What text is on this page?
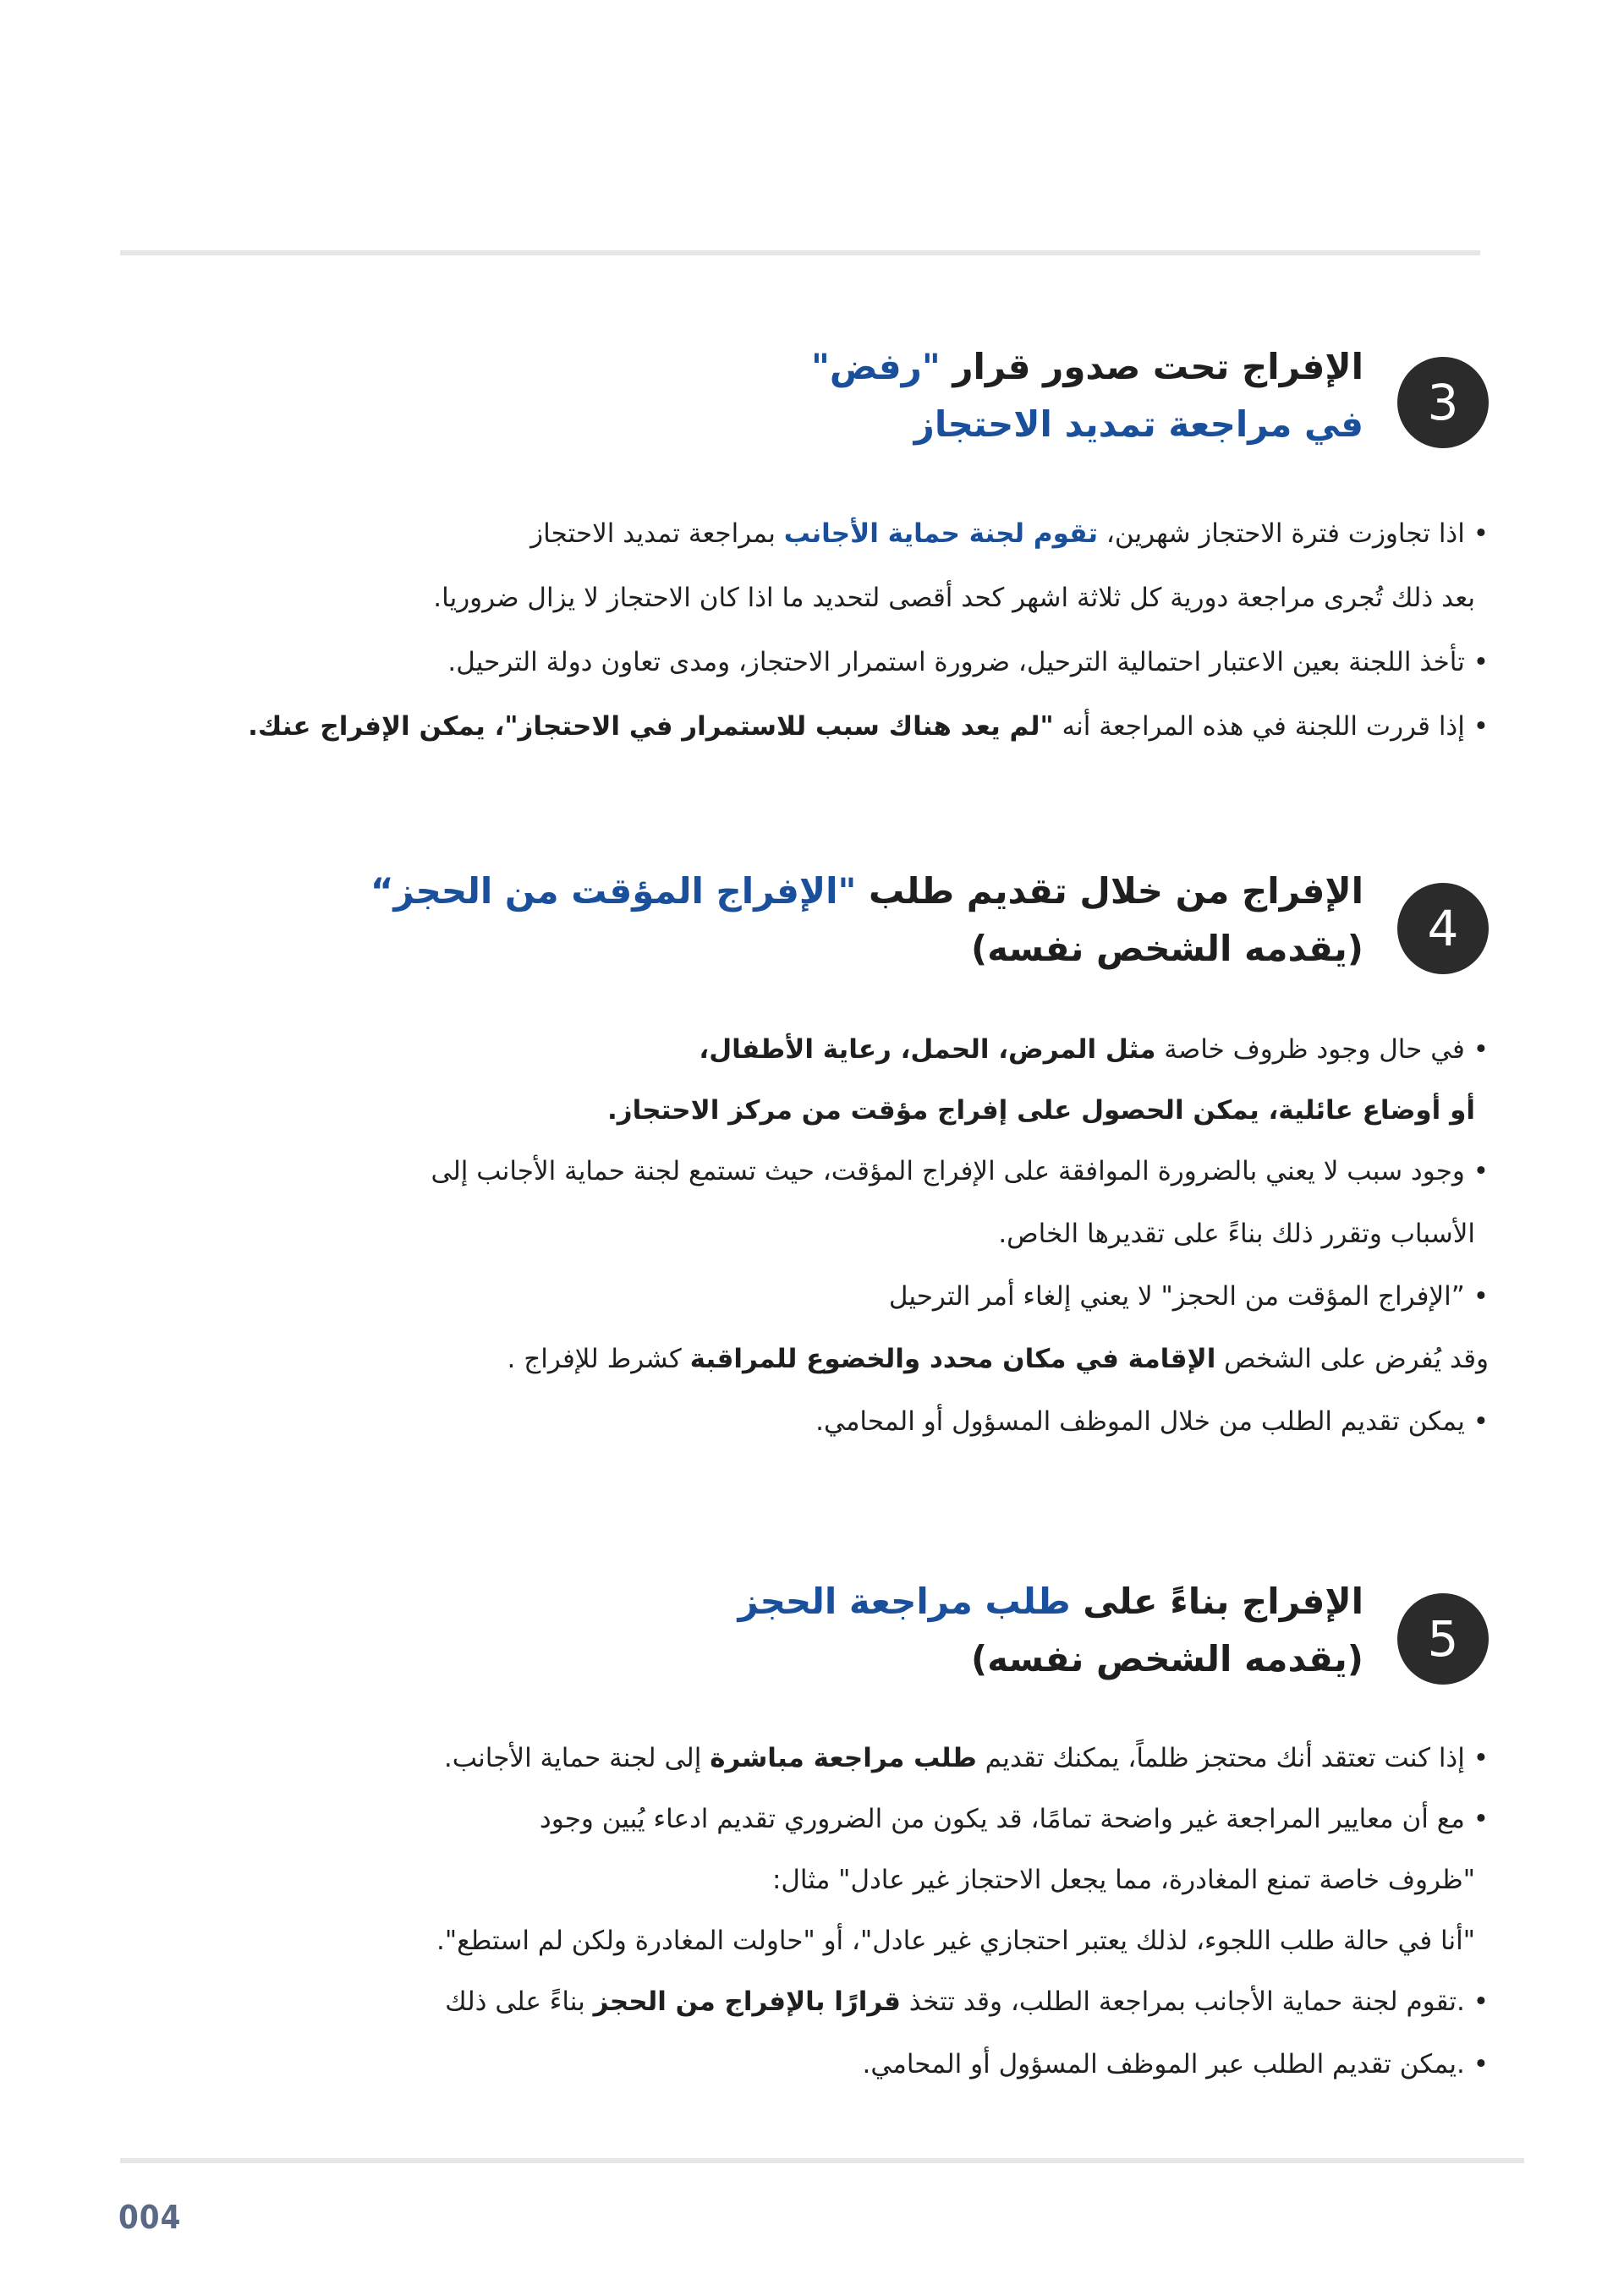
3
الإفراج تحت صدور قرار "رفض"
في مراجعة تمديد الاحتجاز
• اذا تجاوزت فترة الاحتجاز شهرين، تقوم لجنة حماية الأجانب بمراجعة تمديد الاحتجاز
بعد ذلك تُجرى مراجعة دورية كل ثلاثة اشهر كحد أقصى لتحديد ما اذا كان الاحتجاز لا يزال ضروريا.
• تأخذ اللجنة بعين الاعتبار احتمالية الترحيل، ضرورة استمرار الاحتجاز، ومدى تعاون دولة الترحيل.
• إذا قررت اللجنة في هذه المراجعة أنه "لم يعد هناك سبب للاستمرار في الاحتجاز"، يمكن الإفراج عنك.
4
الإفراج من خلال تقديم طلب "الإفراج المؤقت من الحجز“
(يقدمه الشخص نفسه)
• في حال وجود ظروف خاصة مثل المرض، الحمل، رعاية الأطفال،
أو أوضاع عائلية، يمكن الحصول على إفراج مؤقت من مركز الاحتجاز.
• وجود سبب لا يعني بالضرورة الموافقة على الإفراج المؤقت، حيث تستمع لجنة حماية الأجانب إلى
الأسباب وتقرر ذلك بناءً على تقديرها الخاص.
• ”الإفراج المؤقت من الحجز" لا يعني إلغاء أمر الترحيل
وقد يُفرض على الشخص الإقامة في مكان محدد والخضوع للمراقبة كشرط للإفراج .
• يمكن تقديم الطلب من خلال الموظف المسؤول أو المحامي.
5
الإفراج بناءً على طلب مراجعة الحجز
(يقدمه الشخص نفسه)
• إذا كنت تعتقد أنك محتجز ظلماً، يمكنك تقديم طلب مراجعة مباشرة إلى لجنة حماية الأجانب.
• مع أن معايير المراجعة غير واضحة تمامًا، قد يكون من الضروري تقديم ادعاء يُبين وجود
"ظروف خاصة تمنع المغادرة، مما يجعل الاحتجاز غير عادل" مثال:
"أنا في حالة طلب اللجوء، لذلك يعتبر احتجازي غير عادل"، أو "حاولت المغادرة ولكن لم استطع".
• .تقوم لجنة حماية الأجانب بمراجعة الطلب، وقد تتخذ قرارًا بالإفراج من الحجز بناءً على ذلك
• .يمكن تقديم الطلب عبر الموظف المسؤول أو المحامي.
004
